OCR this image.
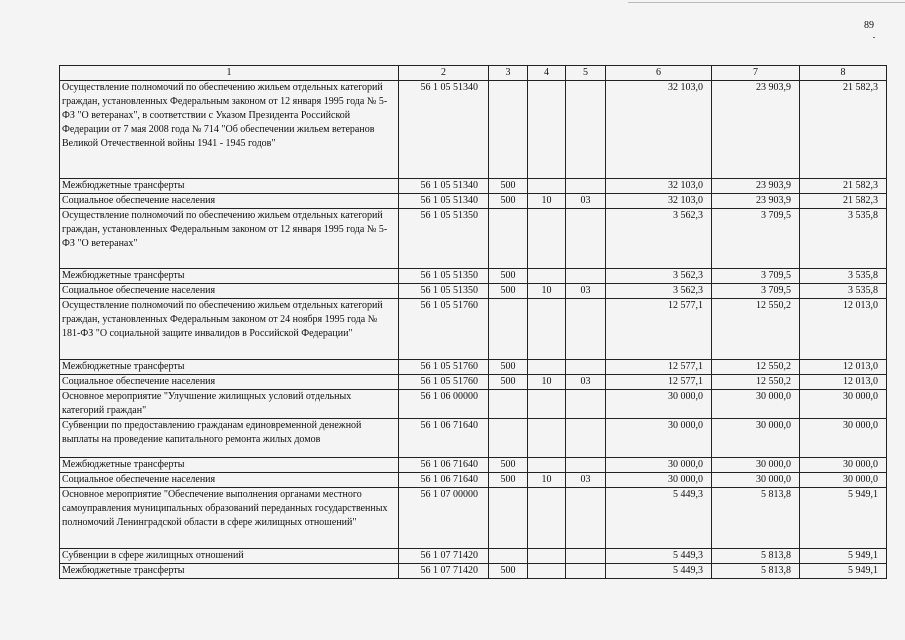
89
1	2	3	4	5	6	7	8
Осуществление полномочий по обеспечению жильем отдельных категорий граждан, установленных Федеральным законом от 12 января 1995 года № 5-ФЗ "О ветеранах", в соответствии с Указом Президента Российской Федерации от 7 мая 2008 года № 714 "Об обеспечении жильем ветеранов Великой Отечественной войны 1941 - 1945 годов"	56 1 05 51340				32 103,0	23 903,9	21 582,3
Межбюджетные трансферты	56 1 05 51340	500			32 103,0	23 903,9	21 582,3
Социальное обеспечение населения	56 1 05 51340	500	10	03	32 103,0	23 903,9	21 582,3
Осуществление полномочий по обеспечению жильем отдельных категорий граждан, установленных Федеральным законом от 12 января 1995 года № 5-ФЗ "О ветеранах"	56 1 05 51350				3 562,3	3 709,5	3 535,8
Межбюджетные трансферты	56 1 05 51350	500			3 562,3	3 709,5	3 535,8
Социальное обеспечение населения	56 1 05 51350	500	10	03	3 562,3	3 709,5	3 535,8
Осуществление полномочий по обеспечению жильем отдельных категорий граждан, установленных Федеральным законом от 24 ноября 1995 года № 181-ФЗ "О социальной защите инвалидов в Российской Федерации"	56 1 05 51760				12 577,1	12 550,2	12 013,0
Межбюджетные трансферты	56 1 05 51760	500			12 577,1	12 550,2	12 013,0
Социальное обеспечение населения	56 1 05 51760	500	10	03	12 577,1	12 550,2	12 013,0
Основное мероприятие "Улучшение жилищных условий отдельных категорий граждан"	56 1 06 00000				30 000,0	30 000,0	30 000,0
Субвенции по предоставлению гражданам единовременной денежной выплаты на проведение капитального ремонта жилых домов	56 1 06 71640				30 000,0	30 000,0	30 000,0
Межбюджетные трансферты	56 1 06 71640	500			30 000,0	30 000,0	30 000,0
Социальное обеспечение населения	56 1 06 71640	500	10	03	30 000,0	30 000,0	30 000,0
Основное мероприятие "Обеспечение выполнения органами местного самоуправления муниципальных образований переданных государственных полномочий Ленинградской области в сфере жилищных отношений"	56 1 07 00000				5 449,3	5 813,8	5 949,1
Субвенции в сфере жилищных отношений	56 1 07 71420				5 449,3	5 813,8	5 949,1
Межбюджетные трансферты	56 1 07 71420	500			5 449,3	5 813,8	5 949,1
